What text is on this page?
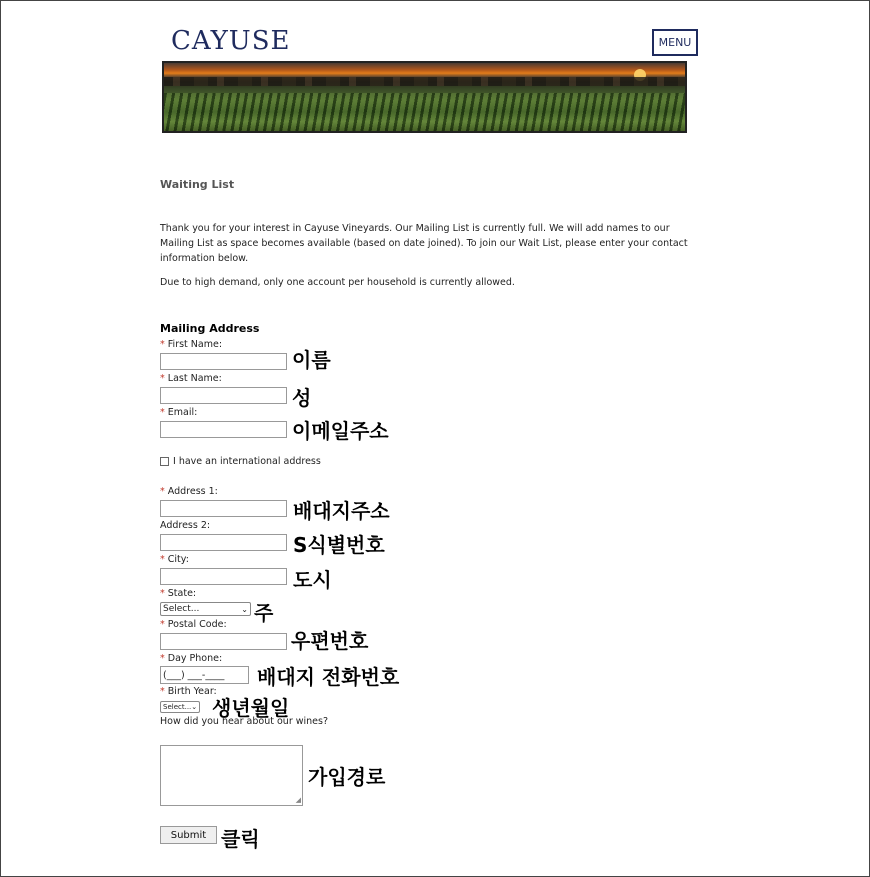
CAYUSE	MENU
Waiting List
Thank you for your interest in Cayuse Vineyards. Our Mailing List is currently full. We will add names to our Mailing List as space becomes available (based on date joined). To join our Wait List, please enter your contact information below.
Due to high demand, only one account per household is currently allowed.
Mailing Address
* First Name:
이름
* Last Name:
성
* Email:
이메일주소
I have an international address
* Address 1:
배대지주소
Address 2:
S식별번호
* City:
도시
* State:
Select...	⌄ 주
* Postal Code:
우편번호
* Day Phone:
(___) ___-____	배대지 전화번호
* Birth Year:
Select... ⌄ 생년월일
How did you hear about our wines?
◢
가입경로
Submit 클릭
